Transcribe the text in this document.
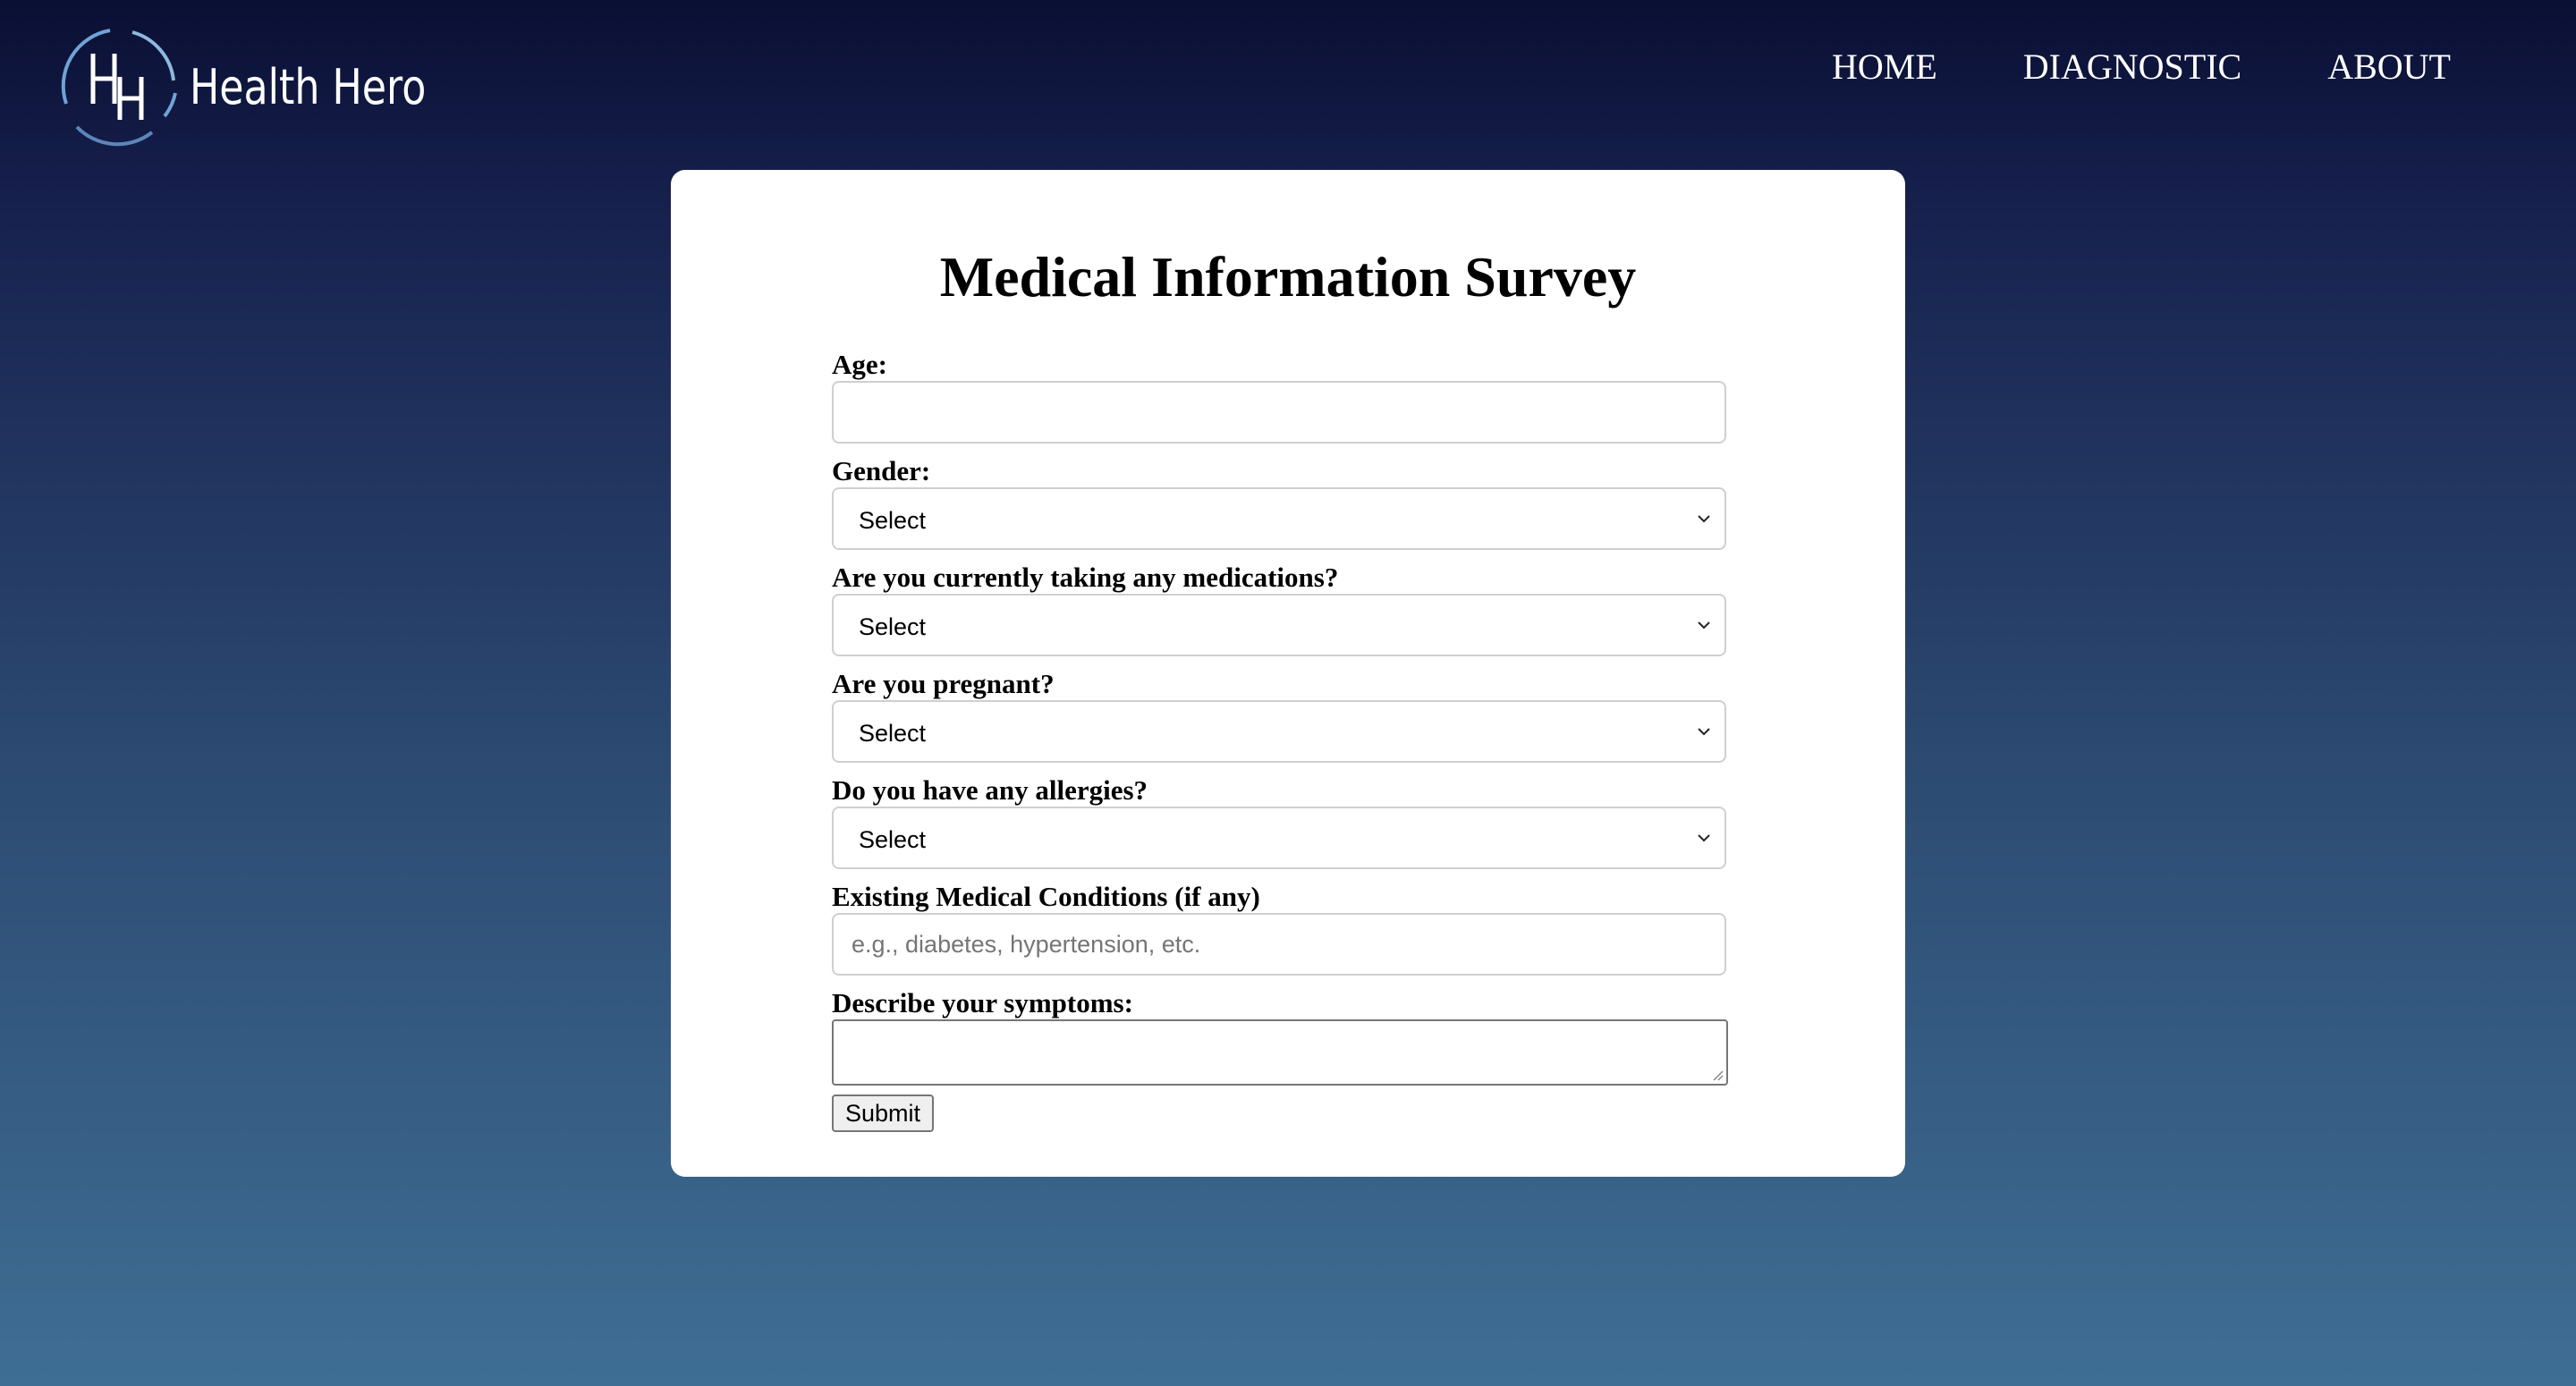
Health Hero	HOME DIAGNOSTIC ABOUT
Medical Information Survey
Age:
Gender:
Select
Are you currently taking any medications?
Select
Are you pregnant?
Select
Do you have any allergies?
Select
Existing Medical Conditions (if any)
e.g., diabetes, hypertension, etc.
Describe your symptoms:
Submit
